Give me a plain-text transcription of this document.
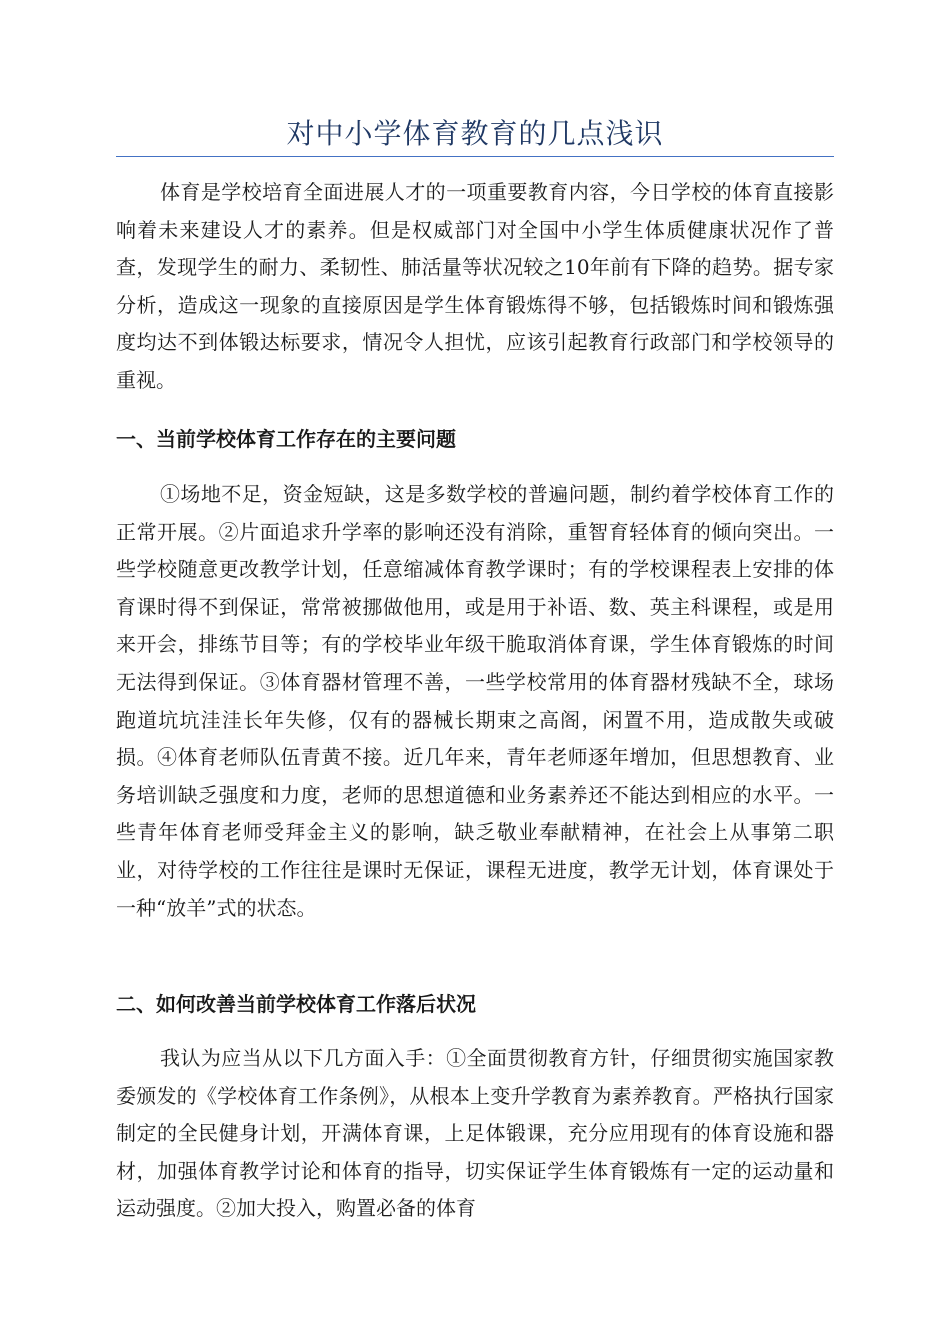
对中小学体育教育的几点浅识

体育是学校培育全面进展人才的一项重要教育内容，今日学校的体育直接影响着未来建设人才的素养。但是权威部门对全国中小学生体质健康状况作了普查，发现学生的耐力、柔韧性、肺活量等状况较之10年前有下降的趋势。据专家分析，造成这一现象的直接原因是学生体育锻炼得不够，包括锻炼时间和锻炼强度均达不到体锻达标要求，情况令人担忧，应该引起教育行政部门和学校领导的重视。

一、当前学校体育工作存在的主要问题

①场地不足，资金短缺，这是多数学校的普遍问题，制约着学校体育工作的正常开展。②片面追求升学率的影响还没有消除，重智育轻体育的倾向突出。一些学校随意更改教学计划，任意缩减体育教学课时；有的学校课程表上安排的体育课时得不到保证，常常被挪做他用，或是用于补语、数、英主科课程，或是用来开会，排练节目等；有的学校毕业年级干脆取消体育课，学生体育锻炼的时间无法得到保证。③体育器材管理不善，一些学校常用的体育器材残缺不全，球场跑道坑坑洼洼长年失修，仅有的器械长期束之高阁，闲置不用，造成散失或破损。④体育老师队伍青黄不接。近几年来，青年老师逐年增加，但思想教育、业务培训缺乏强度和力度，老师的思想道德和业务素养还不能达到相应的水平。一些青年体育老师受拜金主义的影响，缺乏敬业奉献精神，在社会上从事第二职业，对待学校的工作往往是课时无保证，课程无进度，教学无计划，体育课处于一种“放羊”式的状态。

二、如何改善当前学校体育工作落后状况

我认为应当从以下几方面入手：①全面贯彻教育方针，仔细贯彻实施国家教委颁发的《学校体育工作条例》，从根本上变升学教育为素养教育。严格执行国家制定的全民健身计划，开满体育课，上足体锻课，充分应用现有的体育设施和器材，加强体育教学讨论和体育的指导，切实保证学生体育锻炼有一定的运动量和运动强度。②加大投入，购置必备的体育
